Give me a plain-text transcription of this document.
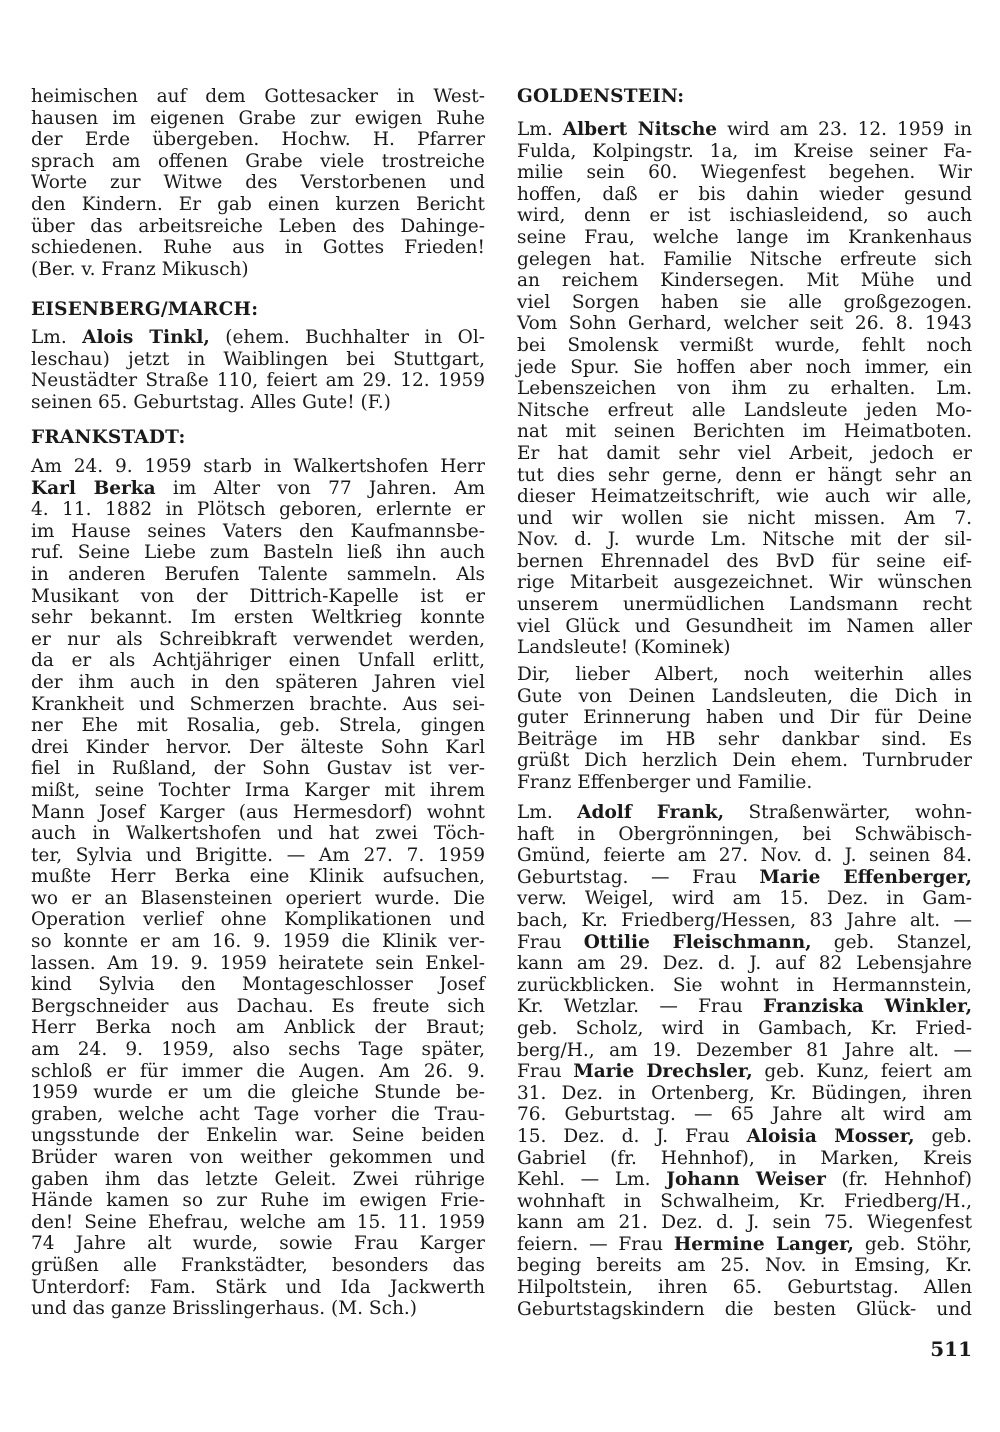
heimischen auf dem Gottesacker in West-
hausen im eigenen Grabe zur ewigen Ruhe
der Erde übergeben. Hochw. H. Pfarrer
sprach am offenen Grabe viele trostreiche
Worte zur Witwe des Verstorbenen und
den Kindern. Er gab einen kurzen Bericht
über das arbeitsreiche Leben des Dahinge-
schiedenen. Ruhe aus in Gottes Frieden!
(Ber. v. Franz Mikusch)
EISENBERG/MARCH:
Lm. Alois Tinkl, (ehem. Buchhalter in Ol-
leschau) jetzt in Waiblingen bei Stuttgart,
Neustädter Straße 110, feiert am 29. 12. 1959
seinen 65. Geburtstag. Alles Gute! (F.)
FRANKSTADT:
Am 24. 9. 1959 starb in Walkertshofen Herr
Karl Berka im Alter von 77 Jahren. Am
4. 11. 1882 in Plötsch geboren, erlernte er
im Hause seines Vaters den Kaufmannsbe-
ruf. Seine Liebe zum Basteln ließ ihn auch
in anderen Berufen Talente sammeln. Als
Musikant von der Dittrich-Kapelle ist er
sehr bekannt. Im ersten Weltkrieg konnte
er nur als Schreibkraft verwendet werden,
da er als Achtjähriger einen Unfall erlitt,
der ihm auch in den späteren Jahren viel
Krankheit und Schmerzen brachte. Aus sei-
ner Ehe mit Rosalia, geb. Strela, gingen
drei Kinder hervor. Der älteste Sohn Karl
fiel in Rußland, der Sohn Gustav ist ver-
mißt, seine Tochter Irma Karger mit ihrem
Mann Josef Karger (aus Hermesdorf) wohnt
auch in Walkertshofen und hat zwei Töch-
ter, Sylvia und Brigitte. — Am 27. 7. 1959
mußte Herr Berka eine Klinik aufsuchen,
wo er an Blasensteinen operiert wurde. Die
Operation verlief ohne Komplikationen und
so konnte er am 16. 9. 1959 die Klinik ver-
lassen. Am 19. 9. 1959 heiratete sein Enkel-
kind Sylvia den Montageschlosser Josef
Bergschneider aus Dachau. Es freute sich
Herr Berka noch am Anblick der Braut;
am 24. 9. 1959, also sechs Tage später,
schloß er für immer die Augen. Am 26. 9.
1959 wurde er um die gleiche Stunde be-
graben, welche acht Tage vorher die Trau-
ungsstunde der Enkelin war. Seine beiden
Brüder waren von weither gekommen und
gaben ihm das letzte Geleit. Zwei rührige
Hände kamen so zur Ruhe im ewigen Frie-
den! Seine Ehefrau, welche am 15. 11. 1959
74 Jahre alt wurde, sowie Frau Karger
grüßen alle Frankstädter, besonders das
Unterdorf: Fam. Stärk und Ida Jackwerth
und das ganze Brisslingerhaus. (M. Sch.)
GOLDENSTEIN:
Lm. Albert Nitsche wird am 23. 12. 1959 in
Fulda, Kolpingstr. 1a, im Kreise seiner Fa-
milie sein 60. Wiegenfest begehen. Wir
hoffen, daß er bis dahin wieder gesund
wird, denn er ist ischiasleidend, so auch
seine Frau, welche lange im Krankenhaus
gelegen hat. Familie Nitsche erfreute sich
an reichem Kindersegen. Mit Mühe und
viel Sorgen haben sie alle großgezogen.
Vom Sohn Gerhard, welcher seit 26. 8. 1943
bei Smolensk vermißt wurde, fehlt noch
jede Spur. Sie hoffen aber noch immer, ein
Lebenszeichen von ihm zu erhalten. Lm.
Nitsche erfreut alle Landsleute jeden Mo-
nat mit seinen Berichten im Heimatboten.
Er hat damit sehr viel Arbeit, jedoch er
tut dies sehr gerne, denn er hängt sehr an
dieser Heimatzeitschrift, wie auch wir alle,
und wir wollen sie nicht missen. Am 7.
Nov. d. J. wurde Lm. Nitsche mit der sil-
bernen Ehrennadel des BvD für seine eif-
rige Mitarbeit ausgezeichnet. Wir wünschen
unserem unermüdlichen Landsmann recht
viel Glück und Gesundheit im Namen aller
Landsleute! (Kominek)
Dir, lieber Albert, noch weiterhin alles
Gute von Deinen Landsleuten, die Dich in
guter Erinnerung haben und Dir für Deine
Beiträge im HB sehr dankbar sind. Es
grüßt Dich herzlich Dein ehem. Turnbruder
Franz Effenberger und Familie.
Lm. Adolf Frank, Straßenwärter, wohn-
haft in Obergrönningen, bei Schwäbisch-
Gmünd, feierte am 27. Nov. d. J. seinen 84.
Geburtstag. — Frau Marie Effenberger,
verw. Weigel, wird am 15. Dez. in Gam-
bach, Kr. Friedberg/Hessen, 83 Jahre alt. —
Frau Ottilie Fleischmann, geb. Stanzel,
kann am 29. Dez. d. J. auf 82 Lebensjahre
zurückblicken. Sie wohnt in Hermannstein,
Kr. Wetzlar. — Frau Franziska Winkler,
geb. Scholz, wird in Gambach, Kr. Fried-
berg/H., am 19. Dezember 81 Jahre alt. —
Frau Marie Drechsler, geb. Kunz, feiert am
31. Dez. in Ortenberg, Kr. Büdingen, ihren
76. Geburtstag. — 65 Jahre alt wird am
15. Dez. d. J. Frau Aloisia Mosser, geb.
Gabriel (fr. Hehnhof), in Marken, Kreis
Kehl. — Lm. Johann Weiser (fr. Hehnhof)
wohnhaft in Schwalheim, Kr. Friedberg/H.,
kann am 21. Dez. d. J. sein 75. Wiegenfest
feiern. — Frau Hermine Langer, geb. Stöhr,
beging bereits am 25. Nov. in Emsing, Kr.
Hilpoltstein, ihren 65. Geburtstag. Allen
Geburtstagskindern die besten Glück- und
511
